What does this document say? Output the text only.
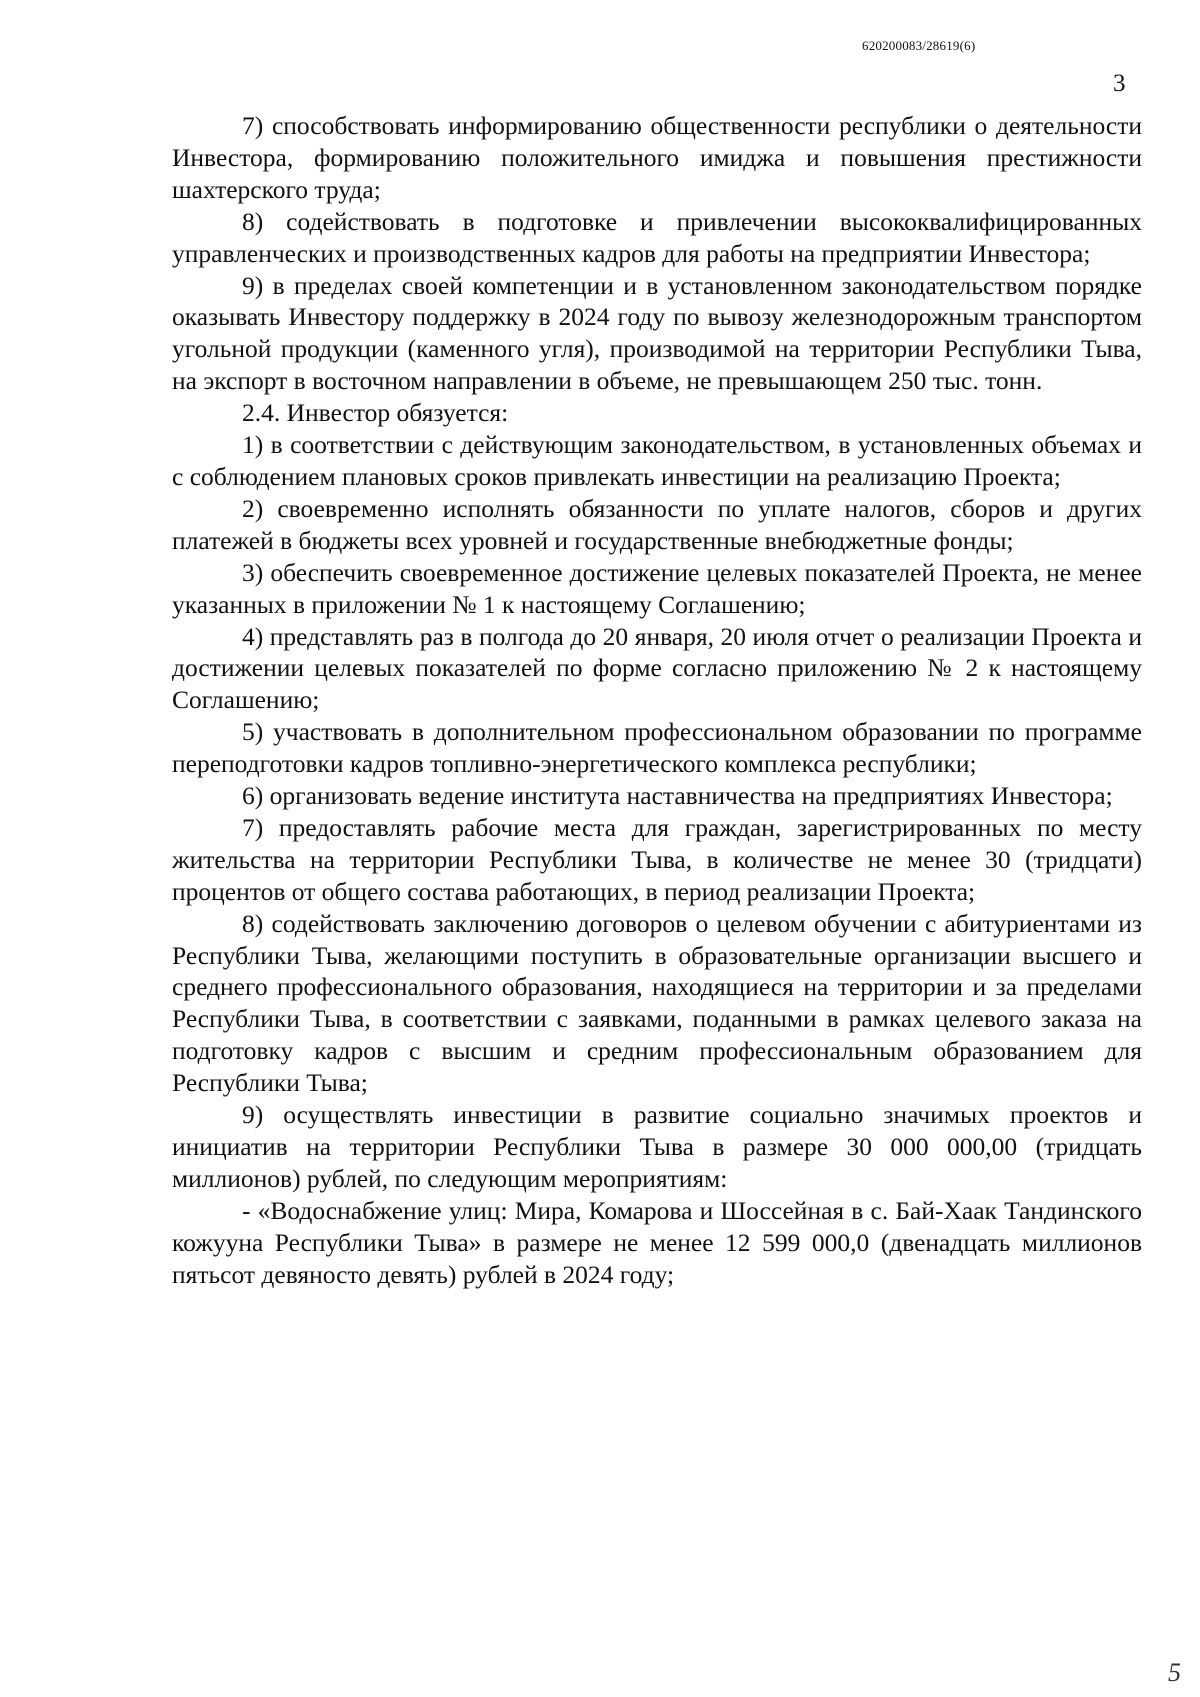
620200083/28619(6)
3

7) способствовать информированию общественности республики о деятельности Инвестора, формированию положительного имиджа и повышения престижности шахтерского труда;

8) содействовать в подготовке и привлечении высококвалифицированных управленческих и производственных кадров для работы на предприятии Инвестора;

9) в пределах своей компетенции и в установленном законодательством порядке оказывать Инвестору поддержку в 2024 году по вывозу железнодорожным транспортом угольной продукции (каменного угля), производимой на территории Республики Тыва, на экспорт в восточном направлении в объеме, не превышающем 250 тыс. тонн.

2.4. Инвестор обязуется:

1) в соответствии с действующим законодательством, в установленных объемах и с соблюдением плановых сроков привлекать инвестиции на реализацию Проекта;

2) своевременно исполнять обязанности по уплате налогов, сборов и других платежей в бюджеты всех уровней и государственные внебюджетные фонды;

3) обеспечить своевременное достижение целевых показателей Проекта, не менее указанных в приложении № 1 к настоящему Соглашению;

4) представлять раз в полгода до 20 января, 20 июля отчет о реализации Проекта и достижении целевых показателей по форме согласно приложению № 2 к настоящему Соглашению;

5) участвовать в дополнительном профессиональном образовании по программе переподготовки кадров топливно-энергетического комплекса республики;

6) организовать ведение института наставничества на предприятиях Инвестора;

7) предоставлять рабочие места для граждан, зарегистрированных по месту жительства на территории Республики Тыва, в количестве не менее 30 (тридцати) процентов от общего состава работающих, в период реализации Проекта;

8) содействовать заключению договоров о целевом обучении с абитуриентами из Республики Тыва, желающими поступить в образовательные организации высшего и среднего профессионального образования, находящиеся на территории и за пределами Республики Тыва, в соответствии с заявками, поданными в рамках целевого заказа на подготовку кадров с высшим и средним профессиональным образованием для Республики Тыва;

9) осуществлять инвестиции в развитие социально значимых проектов и инициатив на территории Республики Тыва в размере 30 000 000,00 (тридцать миллионов) рублей, по следующим мероприятиям:

- «Водоснабжение улиц: Мира, Комарова и Шоссейная в с. Бай-Хаак Тандинского кожууна Республики Тыва» в размере не менее 12 599 000,0 (двенадцать миллионов пятьсот девяносто девять) рублей в 2024 году;

5
